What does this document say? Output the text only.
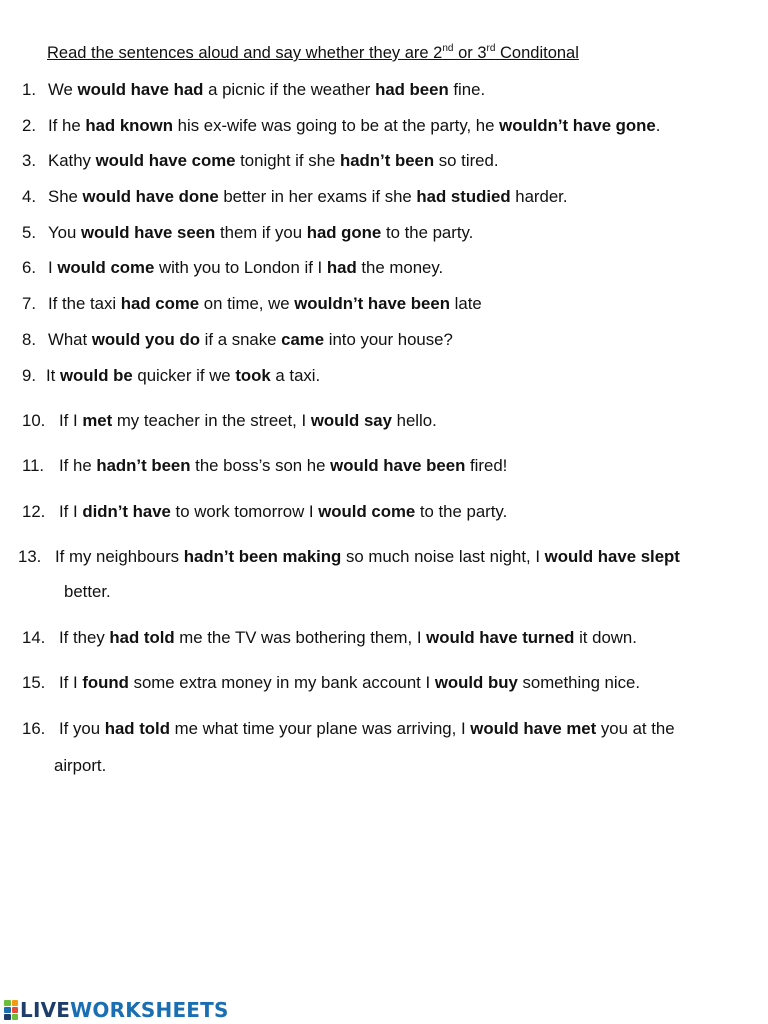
Read the sentences aloud and say whether they are 2nd or 3rd Conditonal
1. We would have had a picnic if the weather had been fine.
2. If he had known his ex-wife was going to be at the party, he wouldn’t have gone.
3. Kathy would have come tonight if she hadn’t been so tired.
4. She would have done better in her exams if she had studied harder.
5. You would have seen them if you had gone to the party.
6. I would come with you to London if I had the money.
7. If the taxi had come on time, we wouldn’t have been late
8. What would you do if a snake came into your house?
9. It would be quicker if we took a taxi.
10. If I met my teacher in the street, I would say hello.
11. If he hadn’t been the boss’s son he would have been fired!
12. If I didn’t have to work tomorrow I would come to the party.
13. If my neighbours hadn’t been making so much noise last night, I would have slept
better.
14. If they had told me the TV was bothering them, I would have turned it down.
15. If I found some extra money in my bank account I would buy something nice.
16. If you had told me what time your plane was arriving, I would have met you at the
airport.
LIVEWORKSHEETS
